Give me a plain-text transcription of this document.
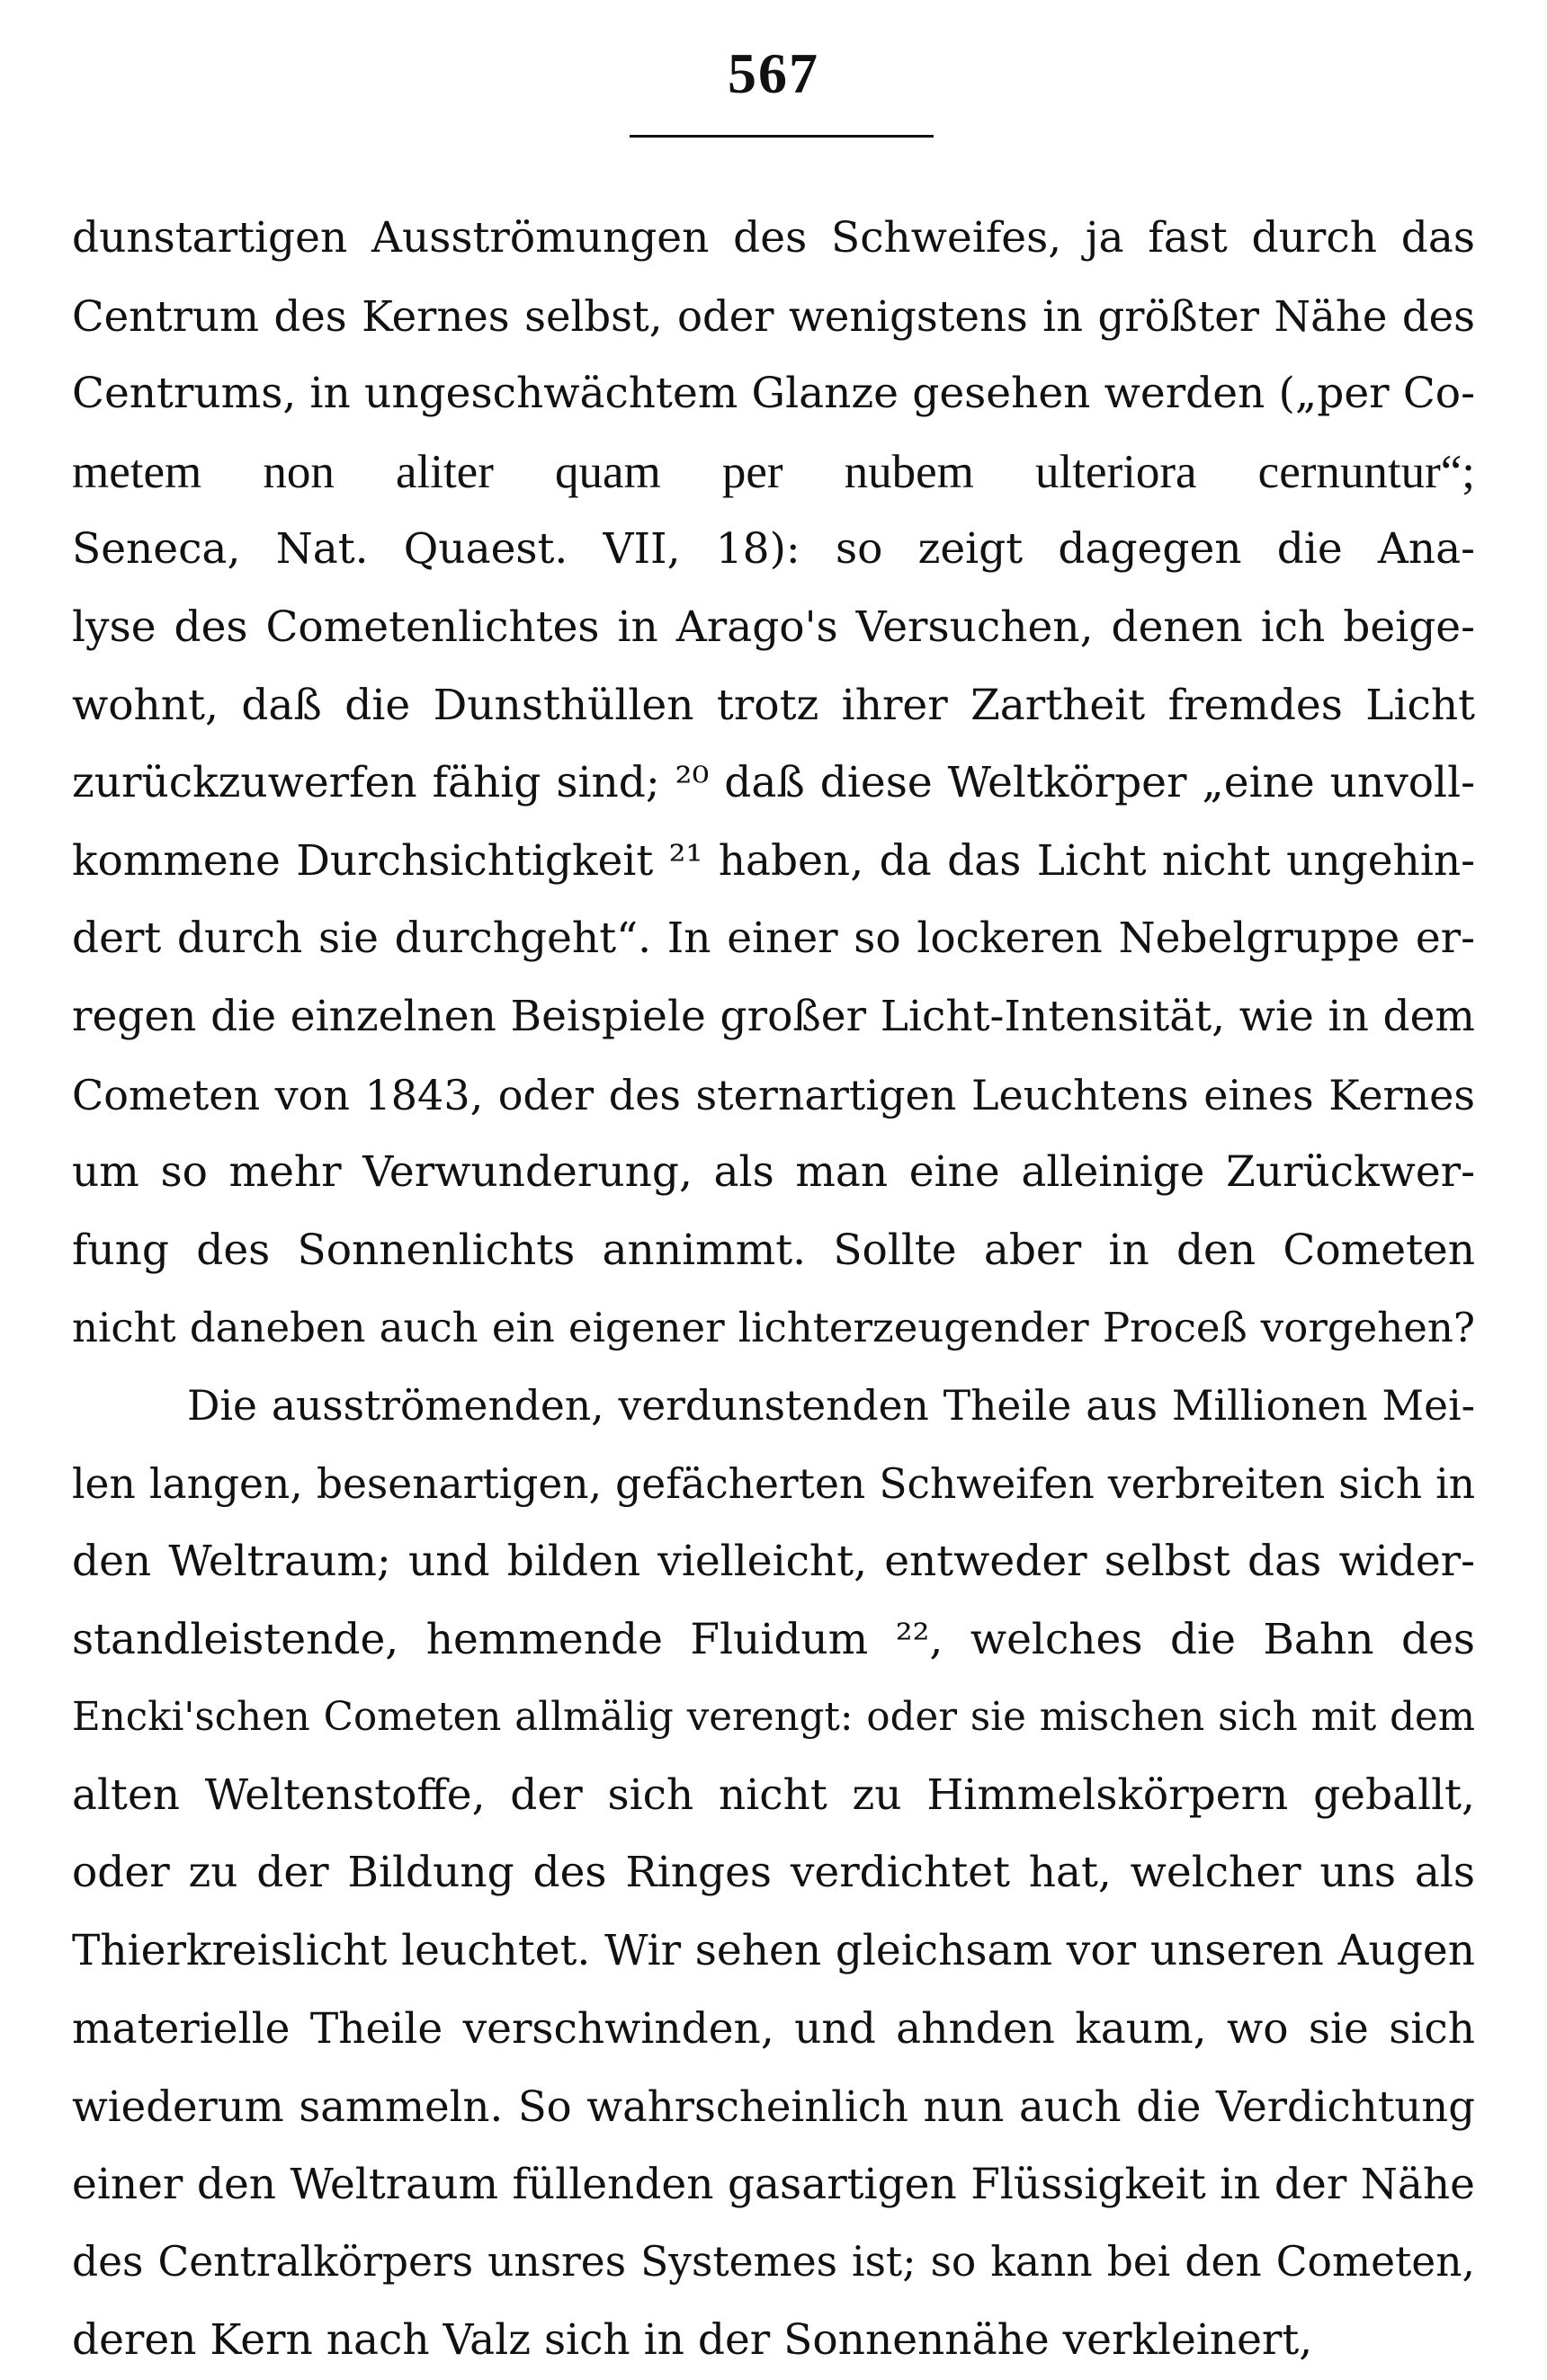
567
dunstartigen Ausströmungen des Schweifes, ja fast durch das
Centrum des Kernes selbst, oder wenigstens in größter Nähe des
Centrums, in ungeschwächtem Glanze gesehen werden („per Co-
metem non aliter quam per nubem ulteriora cernuntur“;
Seneca, Nat. Quaest. VII, 18): so zeigt dagegen die Ana-
lyse des Cometenlichtes in Arago's Versuchen, denen ich beige-
wohnt, daß die Dunsthüllen trotz ihrer Zartheit fremdes Licht
zurückzuwerfen fähig sind; ²⁰ daß diese Weltkörper „eine unvoll-
kommene Durchsichtigkeit ²¹ haben, da das Licht nicht ungehin-
dert durch sie durchgeht“. In einer so lockeren Nebelgruppe er-
regen die einzelnen Beispiele großer Licht-Intensität, wie in dem
Cometen von 1843, oder des sternartigen Leuchtens eines Kernes
um so mehr Verwunderung, als man eine alleinige Zurückwer-
fung des Sonnenlichts annimmt. Sollte aber in den Cometen
nicht daneben auch ein eigener lichterzeugender Proceß vorgehen?
Die ausströmenden, verdunstenden Theile aus Millionen Mei-
len langen, besenartigen, gefächerten Schweifen verbreiten sich in
den Weltraum; und bilden vielleicht, entweder selbst das wider-
standleistende, hemmende Fluidum ²², welches die Bahn des
Encki'schen Cometen allmälig verengt: oder sie mischen sich mit dem
alten Weltenstoffe, der sich nicht zu Himmelskörpern geballt,
oder zu der Bildung des Ringes verdichtet hat, welcher uns als
Thierkreislicht leuchtet. Wir sehen gleichsam vor unseren Augen
materielle Theile verschwinden, und ahnden kaum, wo sie sich
wiederum sammeln. So wahrscheinlich nun auch die Verdichtung
einer den Weltraum füllenden gasartigen Flüssigkeit in der Nähe
des Centralkörpers unsres Systemes ist; so kann bei den Cometen,
deren Kern nach Valz sich in der Sonnennähe verkleinert,
